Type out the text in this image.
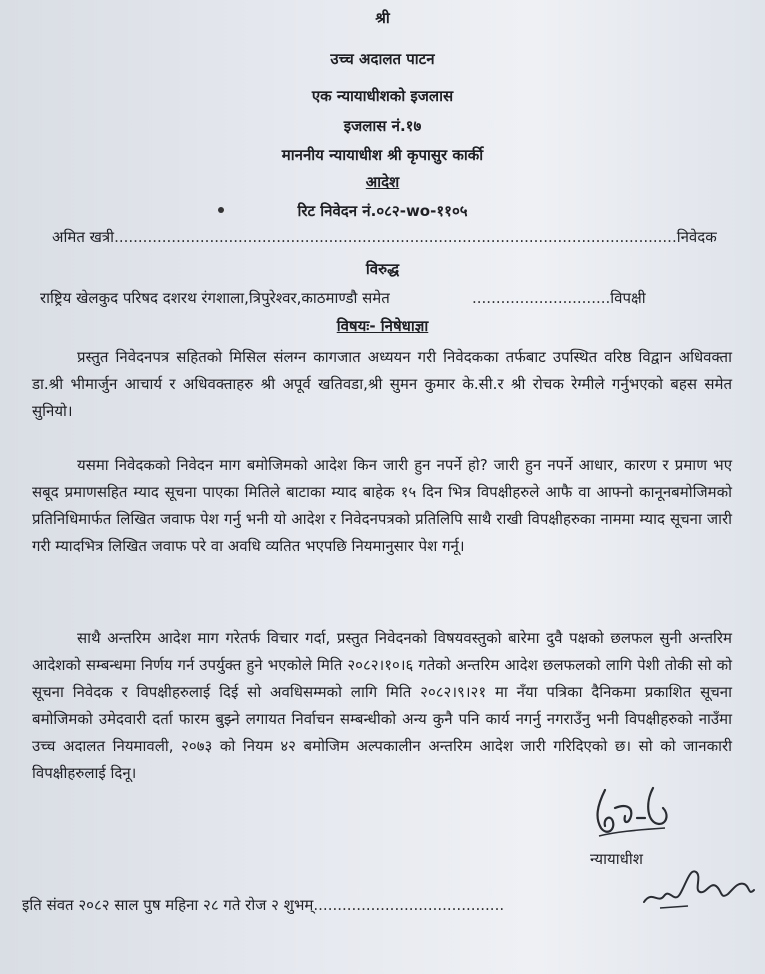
श्री
उच्च अदालत पाटन
एक न्यायाधीशको इजलास
इजलास नं.१७
माननीय न्यायाधीश श्री कृपासुर कार्की
आदेश
रिट निवेदन नं.०८२-wo-११०५
अमित खत्री......................................................................................................................निवेदक
विरुद्ध
राष्ट्रिय खेलकुद परिषद दशरथ रंगशाला,त्रिपुरेश्वर,काठमाण्डौ समेत	.............................विपक्षी
विषयः- निषेधाज्ञा
प्रस्तुत निवेदनपत्र सहितको मिसिल संलग्न कागजात अध्ययन गरी निवेदकका तर्फबाट उपस्थित वरिष्ठ विद्वान अधिवक्ता डा.श्री भीमार्जुन आचार्य र अधिवक्ताहरु श्री अपूर्व खतिवडा,श्री सुमन कुमार के.सी.र श्री रोचक रेग्मीले गर्नुभएको बहस समेत सुनियो।
यसमा निवेदकको निवेदन माग बमोजिमको आदेश किन जारी हुन नपर्ने हो? जारी हुन नपर्ने आधार, कारण र प्रमाण भए सबूद प्रमाणसहित म्याद सूचना पाएका मितिले बाटाका म्याद बाहेक १५ दिन भित्र विपक्षीहरुले आफै वा आफ्नो कानूनबमोजिमको प्रतिनिधिमार्फत लिखित जवाफ पेश गर्नु भनी यो आदेश र निवेदनपत्रको प्रतिलिपि साथै राखी विपक्षीहरुका नाममा म्याद सूचना जारी गरी म्यादभित्र लिखित जवाफ परे वा अवधि व्यतित भएपछि नियमानुसार पेश गर्नू।
साथै अन्तरिम आदेश माग गरेतर्फ विचार गर्दा, प्रस्तुत निवेदनको विषयवस्तुको बारेमा दुवै पक्षको छलफल सुनी अन्तरिम आदेशको सम्बन्धमा निर्णय गर्न उपर्युक्त हुने भएकोले मिति २०८२।१०।६ गतेको अन्तरिम आदेश छलफलको लागि पेशी तोकी सो को सूचना निवेदक र विपक्षीहरुलाई दिई सो अवधिसम्मको लागि मिति २०८२।९।२१ मा नँया पत्रिका दैनिकमा प्रकाशित सूचना बमोजिमको उमेदवारी दर्ता फारम बुझ्ने लगायत निर्वाचन सम्बन्धीको अन्य कुनै पनि कार्य नगर्नु नगराउँनु भनी विपक्षीहरुको नाउँमा उच्च अदालत नियमावली, २०७३ को नियम ४२ बमोजिम अल्पकालीन अन्तरिम आदेश जारी गरिदिएको छ। सो को जानकारी विपक्षीहरुलाई दिनू।
न्यायाधीश
इति संवत २०८२ साल पुष महिना २८ गते रोज २ शुभम्........................................
